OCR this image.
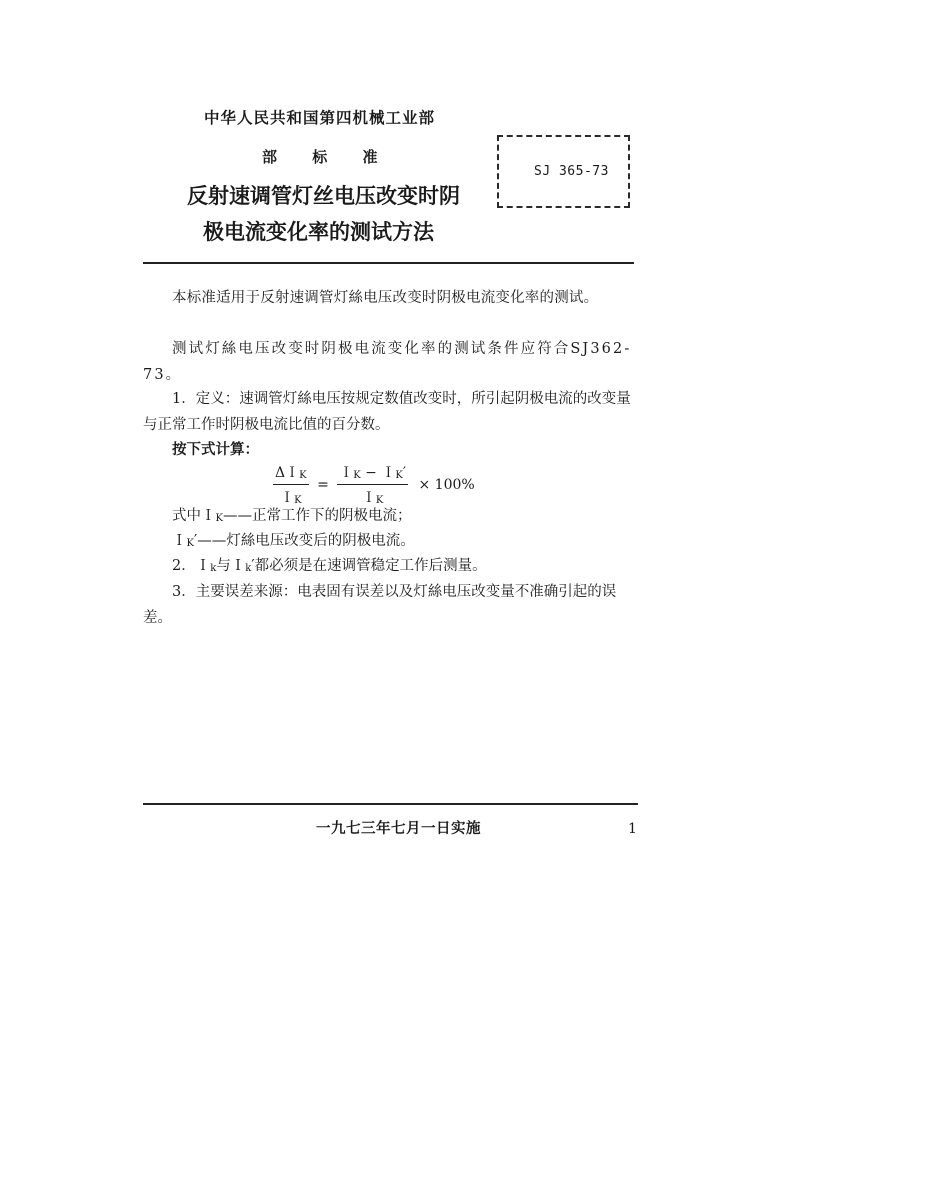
中华人民共和国第四机械工业部
部 标 准
反射速调管灯丝电压改变时阴
极电流变化率的测试方法
SJ 365-73
本标准适用于反射速调管灯絲电压改变时阴极电流变化率的测试。
测试灯絲电压改变时阴极电流变化率的测试条件应符合SJ362-73。
1．定义：速调管灯絲电压按规定数值改变时，所引起阴极电流的改变量与正常工作时阴极电流比值的百分数。
按下式计算：
$\frac{\text{ΔＩK}}{\text{ＩK}} = \frac{\text{ＩK − ＩK′}}{\text{ＩK}} \times 100\%$
式中ＩK——正常工作下的阴极电流；
ＩK′——灯絲电压改变后的阴极电流。
2．Ｉk与Ｉk′都必须是在速调管稳定工作后测量。
3．主要误差来源：电表固有误差以及灯絲电压改变量不准确引起的误差。
一九七三年七月一日实施	1
